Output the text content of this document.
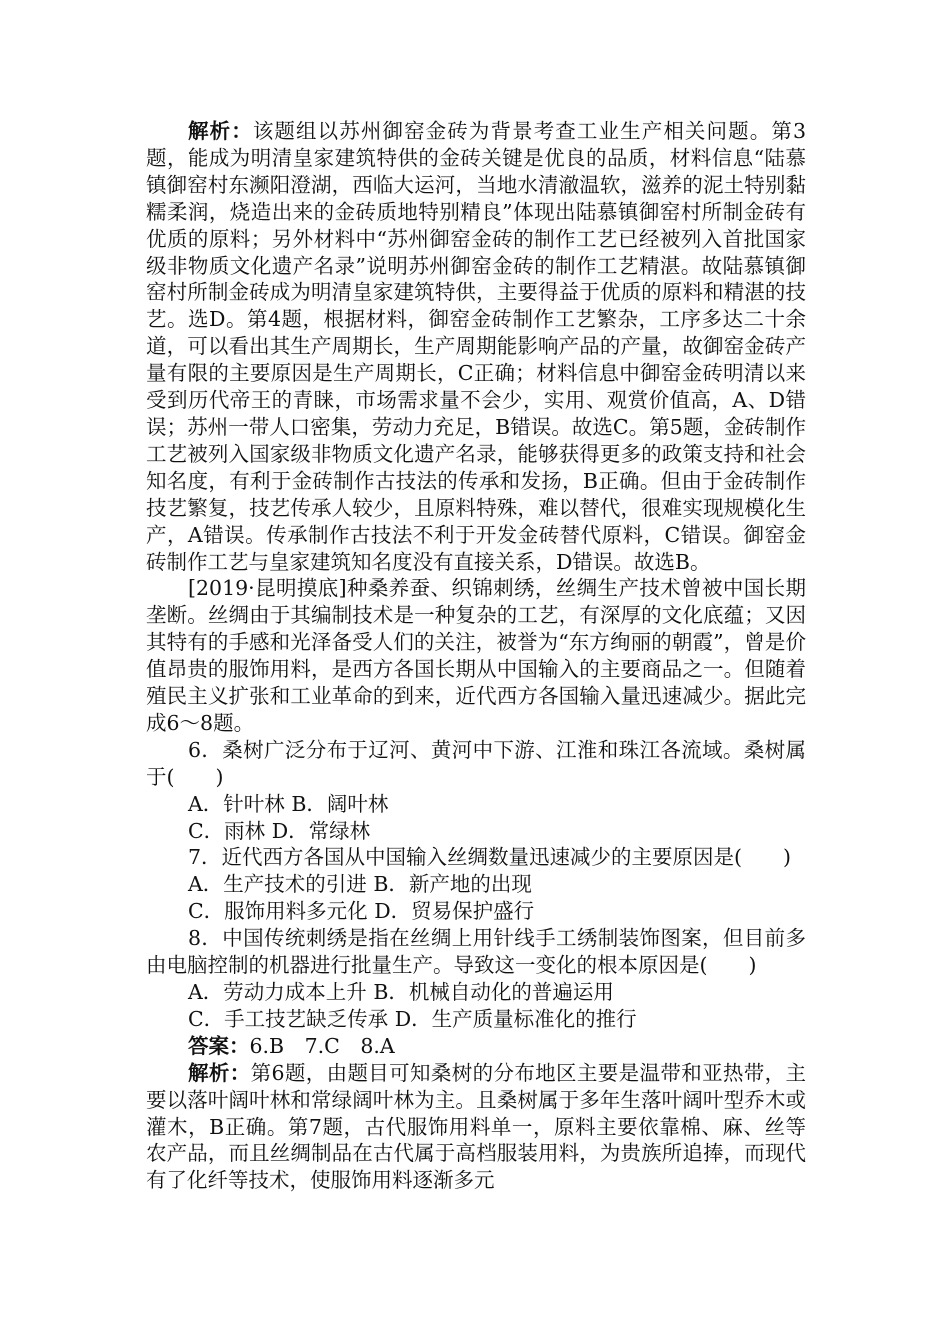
解析：该题组以苏州御窑金砖为背景考查工业生产相关问题。第3题，能成为明清皇家建筑特供的金砖关键是优良的品质，材料信息“陆慕镇御窑村东濒阳澄湖，西临大运河，当地水清澈温软，滋养的泥土特别黏糯柔润，烧造出来的金砖质地特别精良”体现出陆慕镇御窑村所制金砖有优质的原料；另外材料中“苏州御窑金砖的制作工艺已经被列入首批国家级非物质文化遗产名录”说明苏州御窑金砖的制作工艺精湛。故陆慕镇御窑村所制金砖成为明清皇家建筑特供，主要得益于优质的原料和精湛的技艺。选D。第4题，根据材料，御窑金砖制作工艺繁杂，工序多达二十余道，可以看出其生产周期长，生产周期能影响产品的产量，故御窑金砖产量有限的主要原因是生产周期长，C正确；材料信息中御窑金砖明清以来受到历代帝王的青睐，市场需求量不会少，实用、观赏价值高，A、D错误；苏州一带人口密集，劳动力充足，B错误。故选C。第5题，金砖制作工艺被列入国家级非物质文化遗产名录，能够获得更多的政策支持和社会知名度，有利于金砖制作古技法的传承和发扬，B正确。但由于金砖制作技艺繁复，技艺传承人较少，且原料特殊，难以替代，很难实现规模化生产，A错误。传承制作古技法不利于开发金砖替代原料，C错误。御窑金砖制作工艺与皇家建筑知名度没有直接关系，D错误。故选B。

[2019·昆明摸底]种桑养蚕、织锦刺绣，丝绸生产技术曾被中国长期垄断。丝绸由于其编制技术是一种复杂的工艺，有深厚的文化底蕴；又因其特有的手感和光泽备受人们的关注，被誉为“东方绚丽的朝霞”，曾是价值昂贵的服饰用料，是西方各国长期从中国输入的主要商品之一。但随着殖民主义扩张和工业革命的到来，近代西方各国输入量迅速减少。据此完成6～8题。

6．桑树广泛分布于辽河、黄河中下游、江淮和珠江各流域。桑树属于(　　)

A．针叶林 B．阔叶林
C．雨林 D．常绿林

7．近代西方各国从中国输入丝绸数量迅速减少的主要原因是(　　)

A．生产技术的引进 B．新产地的出现
C．服饰用料多元化 D．贸易保护盛行

8．中国传统刺绣是指在丝绸上用针线手工绣制装饰图案，但目前多由电脑控制的机器进行批量生产。导致这一变化的根本原因是(　　)

A．劳动力成本上升 B．机械自动化的普遍运用
C．手工技艺缺乏传承 D．生产质量标准化的推行

答案：6.B　7.C　8.A

解析：第6题，由题目可知桑树的分布地区主要是温带和亚热带，主要以落叶阔叶林和常绿阔叶林为主。且桑树属于多年生落叶阔叶型乔木或灌木，B正确。第7题，古代服饰用料单一，原料主要依靠棉、麻、丝等农产品，而且丝绸制品在古代属于高档服装用料，为贵族所追捧，而现代有了化纤等技术，使服饰用料逐渐多元
